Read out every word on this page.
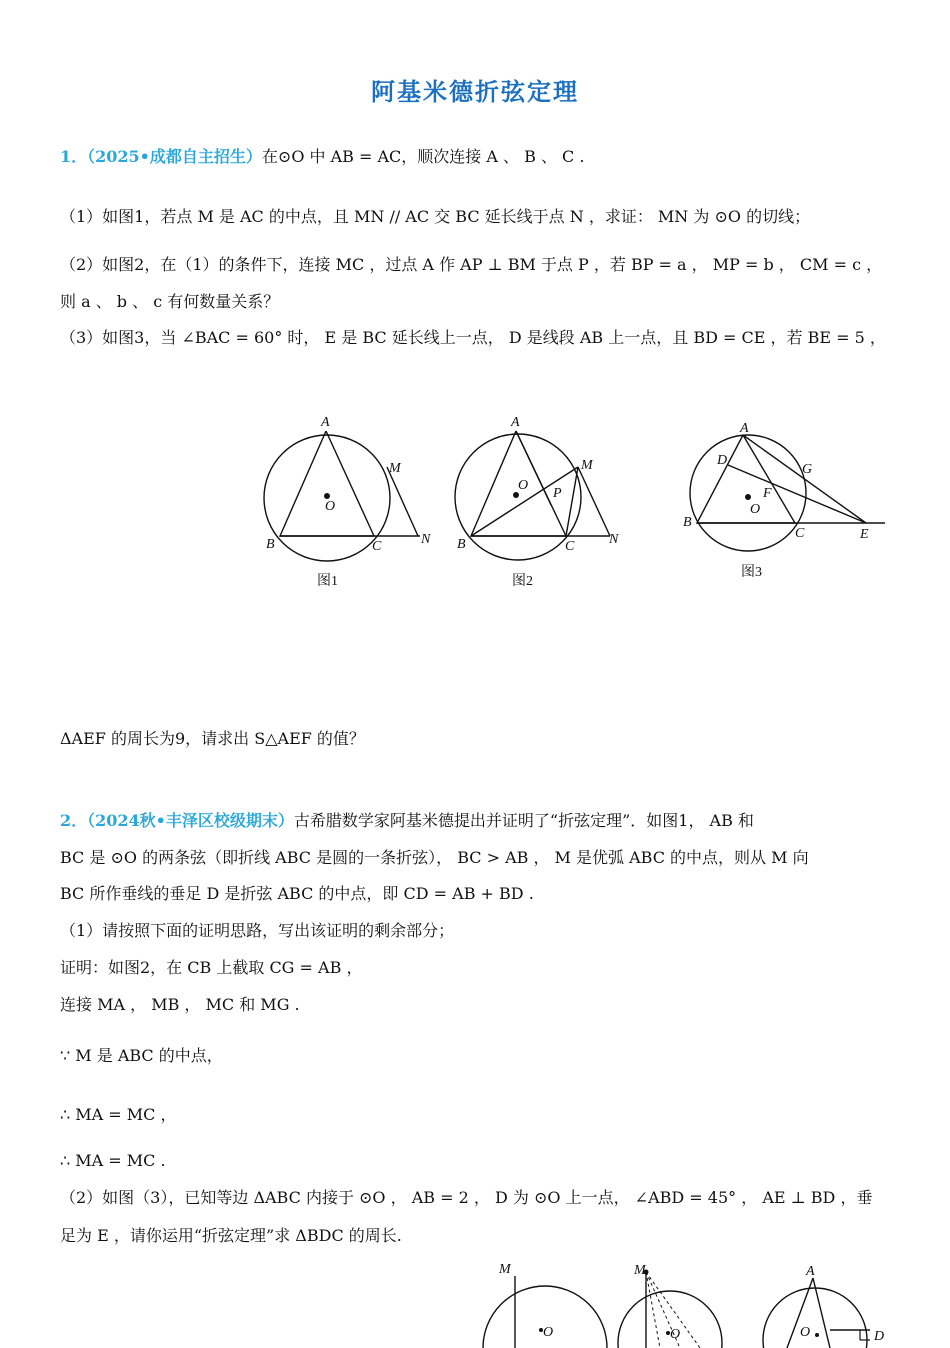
阿基米德折弦定理
1．（2025•成都自主招生）在⊙O 中 AB = AC，顺次连接 A 、 B 、 C .
（1）如图1，若点 M 是 AC 的中点，且 MN // AC 交 BC 延长线于点 N ，求证： MN 为 ⊙O 的切线；
（2）如图2，在（1）的条件下，连接 MC ，过点 A 作 AP ⊥ BM 于点 P ，若 BP = a ， MP = b ， CM = c ，
则 a 、 b 、 c 有何数量关系？
（3）如图3，当 ∠BAC = 60° 时， E 是 BC 延长线上一点， D 是线段 AB 上一点，且 BD = CE ，若 BE = 5 ，
A
B	C
M
N
O
图1
A
B	C
M
N
O
P
图2
A
D
B
C	E
F
G
O
图3
ΔAEF 的周长为9，请求出 S△AEF 的值？
2．（2024秋•丰泽区校级期末）古希腊数学家阿基米德提出并证明了“折弦定理”．如图1， AB 和
BC 是 ⊙O 的两条弦（即折线 ABC 是圆的一条折弦）， BC > AB ， M 是优弧 ABC 的中点，则从 M 向
BC 所作垂线的垂足 D 是折弦 ABC 的中点，即 CD = AB + BD .
（1）请按照下面的证明思路，写出该证明的剩余部分；
证明：如图2，在 CB 上截取 CG = AB ，
连接 MA ， MB ， MC 和 MG .
∵ M 是 ABC 的中点，
∴ MA = MC ，
∴ MA = MC .
（2）如图（3），已知等边 ΔABC 内接于 ⊙O ， AB = 2 ， D 为 ⊙O 上一点， ∠ABD = 45° ， AE ⊥ BD ，垂
足为 E ，请你运用“折弦定理”求 ΔBDC 的周长.
M
O
M
O
A
O	D
